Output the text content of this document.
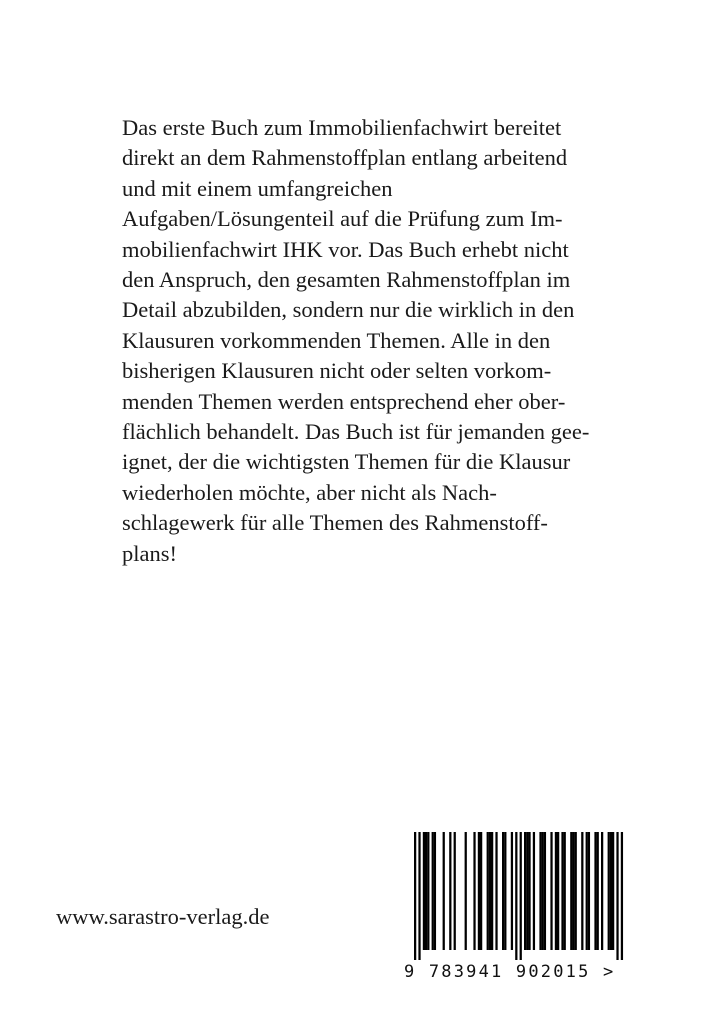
Das erste Buch zum Immobilienfachwirt bereitet
direkt an dem Rahmenstoffplan entlang arbeitend
und mit einem umfangreichen
Aufgaben/Lösungenteil auf die Prüfung zum Im-
mobilienfachwirt IHK vor. Das Buch erhebt nicht
den Anspruch, den gesamten Rahmenstoffplan im
Detail abzubilden, sondern nur die wirklich in den
Klausuren vorkommenden Themen. Alle in den
bisherigen Klausuren nicht oder selten vorkom-
menden Themen werden entsprechend eher ober-
flächlich behandelt. Das Buch ist für jemanden gee-
ignet, der die wichtigsten Themen für die Klausur
wiederholen möchte, aber nicht als Nach-
schlagewerk für alle Themen des Rahmenstoff-
plans!
www.sarastro-verlag.de
9 783941 902015 >
